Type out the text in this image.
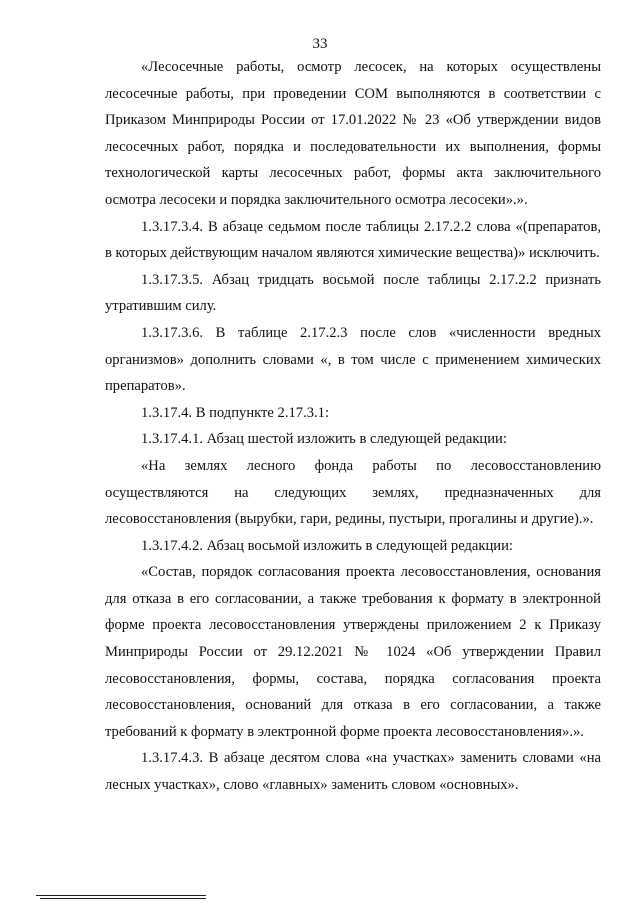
33

«Лесосечные работы, осмотр лесосек, на которых осуществлены лесосечные работы, при проведении СОМ выполняются в соответствии с Приказом Минприроды России от 17.01.2022 № 23 «Об утверждении видов лесосечных работ, порядка и последовательности их выполнения, формы технологической карты лесосечных работ, формы акта заключительного осмотра лесосеки и порядка заключительного осмотра лесосеки».».

1.3.17.3.4. В абзаце седьмом после таблицы 2.17.2.2 слова «(препаратов, в которых действующим началом являются химические вещества)» исключить.

1.3.17.3.5. Абзац тридцать восьмой после таблицы 2.17.2.2 признать утратившим силу.

1.3.17.3.6. В таблице 2.17.2.3 после слов «численности вредных организмов» дополнить словами «, в том числе с применением химических препаратов».

1.3.17.4. В подпункте 2.17.3.1:

1.3.17.4.1. Абзац шестой изложить в следующей редакции:

«На землях лесного фонда работы по лесовосстановлению осуществляются на следующих землях, предназначенных для лесовосстановления (вырубки, гари, редины, пустыри, прогалины и другие).».

1.3.17.4.2. Абзац восьмой изложить в следующей редакции:

«Состав, порядок согласования проекта лесовосстановления, основания для отказа в его согласовании, а также требования к формату в электронной форме проекта лесовосстановления утверждены приложением 2 к Приказу Минприроды России от 29.12.2021 № 1024 «Об утверждении Правил лесовосстановления, формы, состава, порядка согласования проекта лесовосстановления, оснований для отказа в его согласовании, а также требований к формату в электронной форме проекта лесовосстановления».».

1.3.17.4.3. В абзаце десятом слова «на участках» заменить словами «на лесных участках», слово «главных» заменить словом «основных».
